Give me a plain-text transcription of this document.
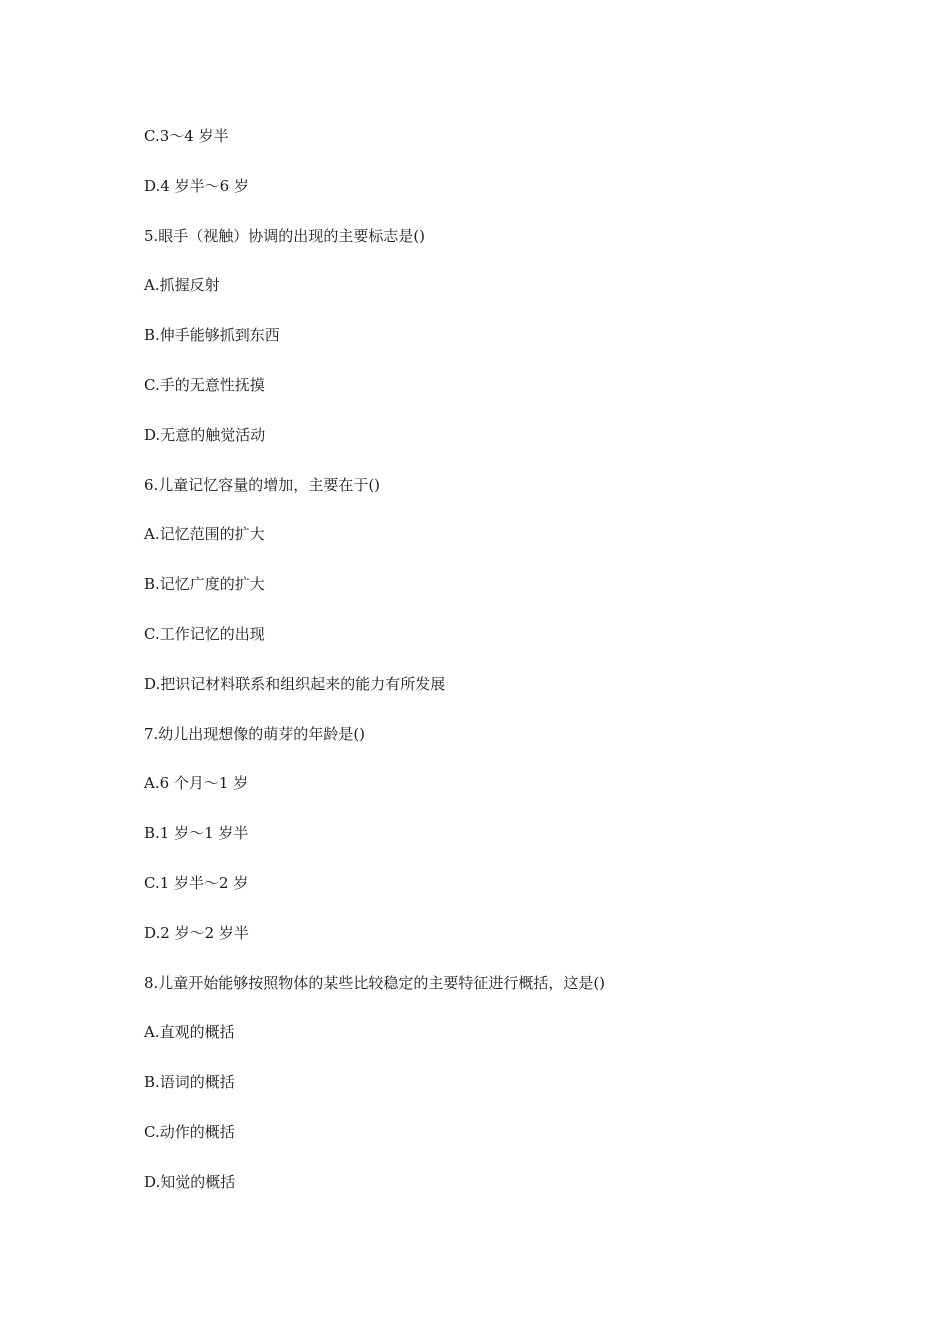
C.3～4 岁半

D.4 岁半～6 岁

5.眼手（视触）协调的出现的主要标志是()

A.抓握反射

B.伸手能够抓到东西

C.手的无意性抚摸

D.无意的触觉活动

6.儿童记忆容量的增加，主要在于()

A.记忆范围的扩大

B.记忆广度的扩大

C.工作记忆的出现

D.把识记材料联系和组织起来的能力有所发展

7.幼儿出现想像的萌芽的年龄是()

A.6 个月～1 岁

B.1 岁～1 岁半

C.1 岁半～2 岁

D.2 岁～2 岁半

8.儿童开始能够按照物体的某些比较稳定的主要特征进行概括，这是()

A.直观的概括

B.语词的概括

C.动作的概括

D.知觉的概括
